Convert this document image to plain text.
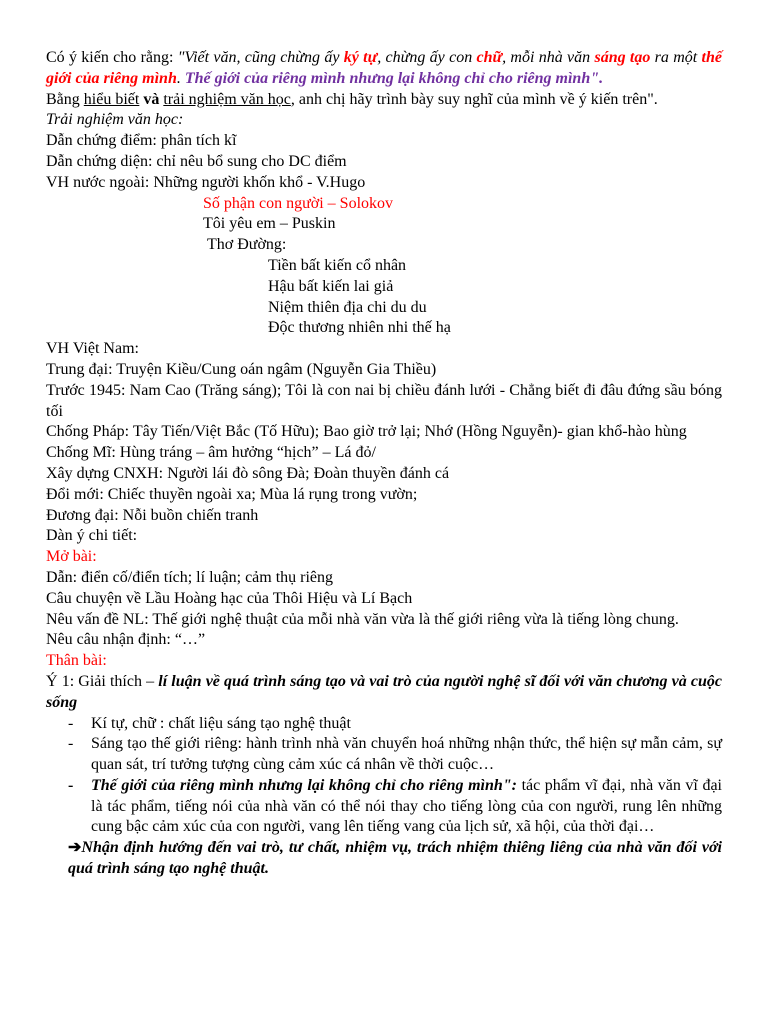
Có ý kiến cho rằng: "Viết văn, cũng chừng ấy ký tự, chừng ấy con chữ, mỗi nhà văn sáng tạo ra một thế giới của riêng mình. Thế giới của riêng mình nhưng lại không chỉ cho riêng mình".

Bằng hiểu biết và trải nghiệm văn học, anh chị hãy trình bày suy nghĩ của mình về ý kiến trên".

Trải nghiệm văn học:

Dẫn chứng điểm: phân tích kĩ

Dẫn chứng diện: chỉ nêu bổ sung cho DC điểm

VH nước ngoài: Những người khốn khổ - V.Hugo

Số phận con người – Solokov

Tôi yêu em – Puskin

Thơ Đường:

Tiền bất kiến cổ nhân

Hậu bất kiến lai giả

Niệm thiên địa chi du du

Độc thương nhiên nhi thế hạ

VH Việt Nam:

Trung đại: Truyện Kiều/Cung oán ngâm (Nguyễn Gia Thiều)

Trước 1945: Nam Cao (Trăng sáng); Tôi là con nai bị chiều đánh lưới - Chẳng biết đi đâu đứng sầu bóng tối

Chống Pháp: Tây Tiến/Việt Bắc (Tố Hữu); Bao giờ trở lại; Nhớ (Hồng Nguyễn)- gian khổ-hào hùng

Chống Mĩ: Hùng tráng – âm hưởng “hịch” – Lá đỏ/

Xây dựng CNXH: Người lái đò sông Đà; Đoàn thuyền đánh cá

Đổi mới: Chiếc thuyền ngoài xa; Mùa lá rụng trong vườn;

Đương đại: Nỗi buồn chiến tranh

Dàn ý chi tiết:

Mở bài:

Dẫn: điển cố/điển tích; lí luận; cảm thụ riêng

Câu chuyện về Lầu Hoàng hạc của Thôi Hiệu và Lí Bạch

Nêu vấn đề NL: Thế giới nghệ thuật của mỗi nhà văn vừa là thế giới riêng vừa là tiếng lòng chung.

Nêu câu nhận định: “…”

Thân bài:

Ý 1: Giải thích – lí luận về quá trình sáng tạo và vai trò của người nghệ sĩ đối với văn chương và cuộc sống

- Kí tự, chữ : chất liệu sáng tạo nghệ thuật
- Sáng tạo thế giới riêng: hành trình nhà văn chuyển hoá những nhận thức, thể hiện sự mẫn cảm, sự quan sát, trí tưởng tượng cùng cảm xúc cá nhân về thời cuộc…
- Thế giới của riêng mình nhưng lại không chỉ cho riêng mình": tác phẩm vĩ đại, nhà văn vĩ đại là tác phẩm, tiếng nói của nhà văn có thể nói thay cho tiếng lòng của con người, rung lên những cung bậc cảm xúc của con người, vang lên tiếng vang của lịch sử, xã hội, của thời đại…

➔Nhận định hướng đến vai trò, tư chất, nhiệm vụ, trách nhiệm thiêng liêng của nhà văn đối với quá trình sáng tạo nghệ thuật.
